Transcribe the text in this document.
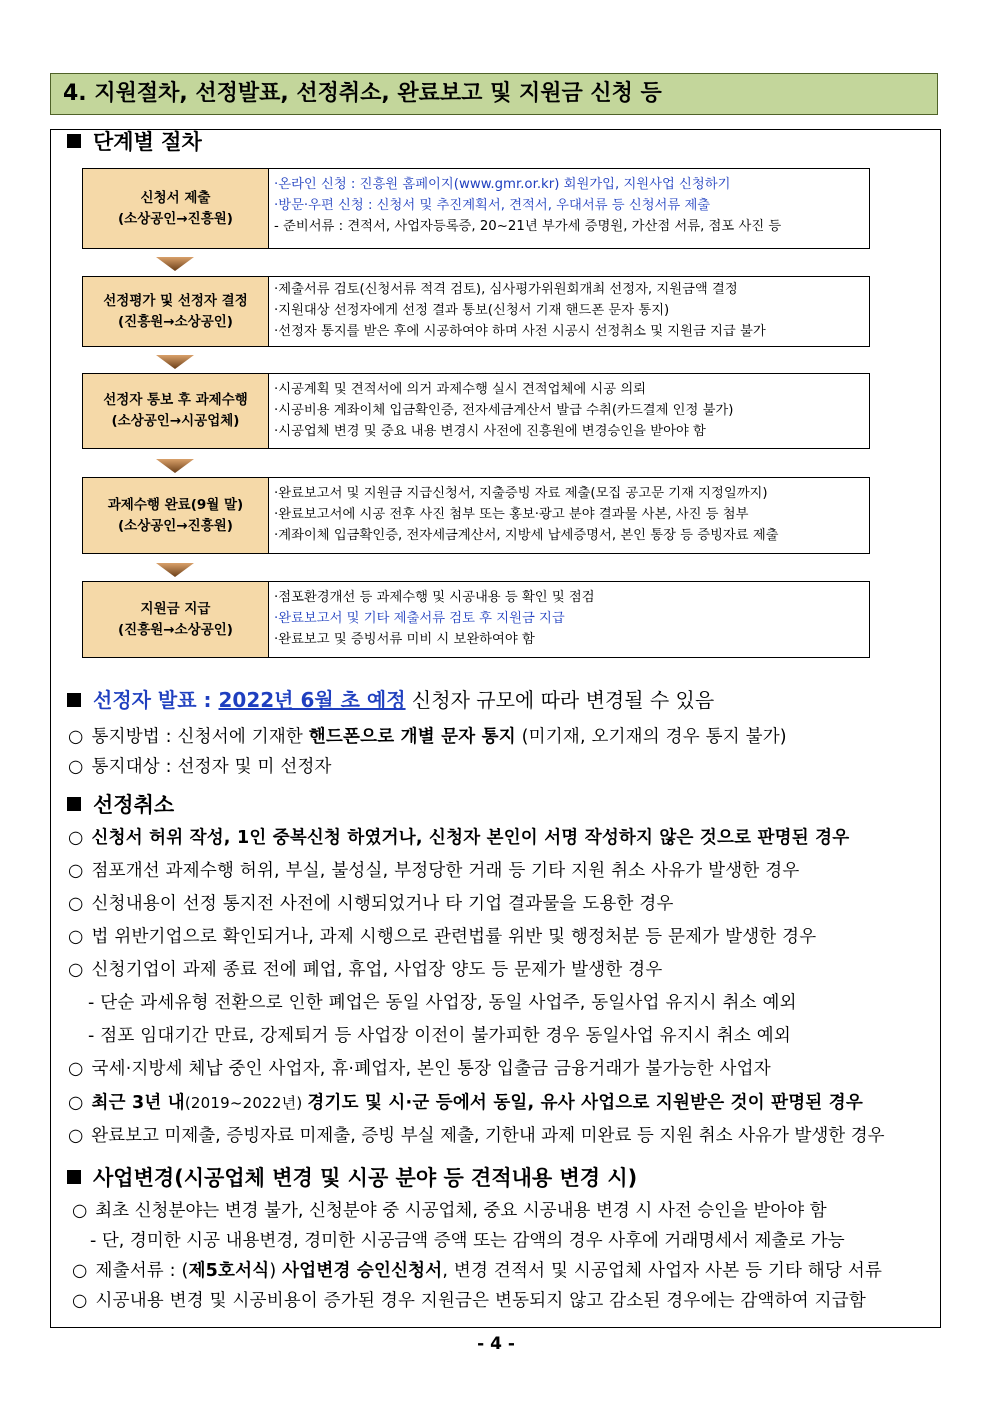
4. 지원절차, 선정발표, 선정취소, 완료보고 및 지원금 신청 등
단계별 절차
신청서 제출
(소상공인→진흥원)
·온라인 신청 : 진흥원 홈페이지(www.gmr.or.kr) 회원가입, 지원사업 신청하기
·방문·우편 신청 : 신청서 및 추진계획서, 견적서, 우대서류 등 신청서류 제출
- 준비서류 : 견적서, 사업자등록증, 20~21년 부가세 증명원, 가산점 서류, 점포 사진 등
선정평가 및 선정자 결정
(진흥원→소상공인)
·제출서류 검토(신청서류 적격 검토), 심사평가위원회개최 선정자, 지원금액 결정
·지원대상 선정자에게 선정 결과 통보(신청서 기재 핸드폰 문자 통지)
·선정자 통지를 받은 후에 시공하여야 하며 사전 시공시 선정취소 및 지원금 지급 불가
선정자 통보 후 과제수행
(소상공인→시공업체)
·시공계획 및 견적서에 의거 과제수행 실시 견적업체에 시공 의뢰
·시공비용 계좌이체 입금확인증, 전자세금계산서 발급 수취(카드결제 인정 불가)
·시공업체 변경 및 중요 내용 변경시 사전에 진흥원에 변경승인을 받아야 함
과제수행 완료(9월 말)
(소상공인→진흥원)
·완료보고서 및 지원금 지급신청서, 지출증빙 자료 제출(모집 공고문 기재 지정일까지)
·완료보고서에 시공 전후 사진 첨부 또는 홍보·광고 분야 결과물 사본, 사진 등 첨부
·계좌이체 입금확인증, 전자세금계산서, 지방세 납세증명서, 본인 통장 등 증빙자료 제출
지원금 지급
(진흥원→소상공인)
·점포환경개선 등 과제수행 및 시공내용 등 확인 및 점검
·완료보고서 및 기타 제출서류 검토 후 지원금 지급
·완료보고 및 증빙서류 미비 시 보완하여야 함
선정자 발표 : 2022년 6월 초 예정 신청자 규모에 따라 변경될 수 있음
○ 통지방법 : 신청서에 기재한 핸드폰으로 개별 문자 통지 (미기재, 오기재의 경우 통지 불가)
○ 통지대상 : 선정자 및 미 선정자
선정취소
○ 신청서 허위 작성, 1인 중복신청 하였거나, 신청자 본인이 서명 작성하지 않은 것으로 판명된 경우
○ 점포개선 과제수행 허위, 부실, 불성실, 부정당한 거래 등 기타 지원 취소 사유가 발생한 경우
○ 신청내용이 선정 통지전 사전에 시행되었거나 타 기업 결과물을 도용한 경우
○ 법 위반기업으로 확인되거나, 과제 시행으로 관련법률 위반 및 행정처분 등 문제가 발생한 경우
○ 신청기업이 과제 종료 전에 폐업, 휴업, 사업장 양도 등 문제가 발생한 경우
- 단순 과세유형 전환으로 인한 폐업은 동일 사업장, 동일 사업주, 동일사업 유지시 취소 예외
- 점포 임대기간 만료, 강제퇴거 등 사업장 이전이 불가피한 경우 동일사업 유지시 취소 예외
○ 국세·지방세 체납 중인 사업자, 휴·폐업자, 본인 통장 입출금 금융거래가 불가능한 사업자
○ 최근 3년 내(2019~2022년) 경기도 및 시·군 등에서 동일, 유사 사업으로 지원받은 것이 판명된 경우
○ 완료보고 미제출, 증빙자료 미제출, 증빙 부실 제출, 기한내 과제 미완료 등 지원 취소 사유가 발생한 경우
사업변경(시공업체 변경 및 시공 분야 등 견적내용 변경 시)
○ 최초 신청분야는 변경 불가, 신청분야 중 시공업체, 중요 시공내용 변경 시 사전 승인을 받아야 함
- 단, 경미한 시공 내용변경, 경미한 시공금액 증액 또는 감액의 경우 사후에 거래명세서 제출로 가능
○ 제출서류 : (제5호서식) 사업변경 승인신청서, 변경 견적서 및 시공업체 사업자 사본 등 기타 해당 서류
○ 시공내용 변경 및 시공비용이 증가된 경우 지원금은 변동되지 않고 감소된 경우에는 감액하여 지급함
- 4 -
